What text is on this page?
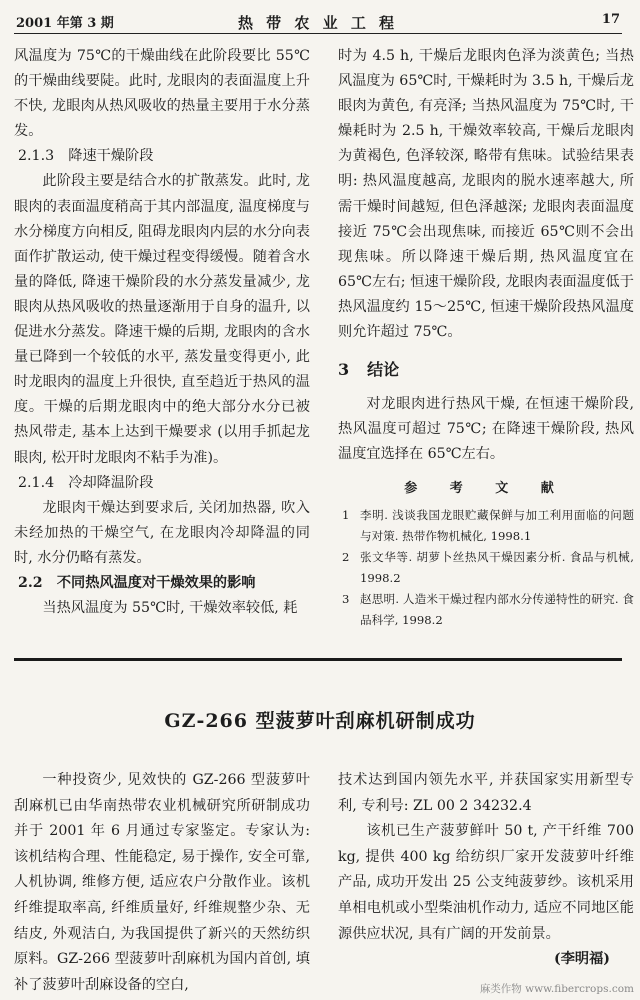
2001 年第 3 期	热 带 农 业 工 程	17

风温度为 75℃的干燥曲线在此阶段要比 55℃的干燥曲线要陡。此时, 龙眼肉的表面温度上升不快, 龙眼肉从热风吸收的热量主要用于水分蒸发。

2.1.3　降速干燥阶段

此阶段主要是结合水的扩散蒸发。此时, 龙眼肉的表面温度稍高于其内部温度, 温度梯度与水分梯度方向相反, 阻碍龙眼肉内层的水分向表面作扩散运动, 使干燥过程变得缓慢。随着含水量的降低, 降速干燥阶段的水分蒸发量减少, 龙眼肉从热风吸收的热量逐渐用于自身的温升, 以促进水分蒸发。降速干燥的后期, 龙眼肉的含水量已降到一个较低的水平, 蒸发量变得更小, 此时龙眼肉的温度上升很快, 直至趋近于热风的温度。干燥的后期龙眼肉中的绝大部分水分已被热风带走, 基本上达到干燥要求 (以用手抓起龙眼肉, 松开时龙眼肉不粘手为准)。

2.1.4　冷却降温阶段

龙眼肉干燥达到要求后, 关闭加热器, 吹入未经加热的干燥空气, 在龙眼肉冷却降温的同时, 水分仍略有蒸发。

2.2　不同热风温度对干燥效果的影响

当热风温度为 55℃时, 干燥效率较低, 耗

时为 4.5 h, 干燥后龙眼肉色泽为淡黄色; 当热风温度为 65℃时, 干燥耗时为 3.5 h, 干燥后龙眼肉为黄色, 有亮泽; 当热风温度为 75℃时, 干燥耗时为 2.5 h, 干燥效率较高, 干燥后龙眼肉为黄褐色, 色泽较深, 略带有焦味。试验结果表明: 热风温度越高, 龙眼肉的脱水速率越大, 所需干燥时间越短, 但色泽越深; 龙眼肉表面温度接近 75℃会出现焦味, 而接近 65℃则不会出现焦味。所以降速干燥后期, 热风温度宜在 65℃左右; 恒速干燥阶段, 龙眼肉表面温度低于热风温度约 15～25℃, 恒速干燥阶段热风温度则允许超过 75℃。

3 结论

对龙眼肉进行热风干燥, 在恒速干燥阶段, 热风温度可超过 75℃; 在降速干燥阶段, 热风温度宜选择在 65℃左右。

参 考 文 献

1 李明. 浅谈我国龙眼贮藏保鲜与加工利用面临的问题与对策. 热带作物机械化, 1998.1

2 张文华等. 胡萝卜丝热风干燥因素分析. 食品与机械, 1998.2

3 赵思明. 人造米干燥过程内部水分传递特性的研究. 食品科学, 1998.2

GZ-266 型菠萝叶刮麻机研制成功

一种投资少, 见效快的 GZ-266 型菠萝叶刮麻机已由华南热带农业机械研究所研制成功并于 2001 年 6 月通过专家鉴定。专家认为: 该机结构合理、性能稳定, 易于操作, 安全可靠, 人机协调, 维修方便, 适应农户分散作业。该机纤维提取率高, 纤维质量好, 纤维规整少杂、无结皮, 外观洁白, 为我国提供了新兴的天然纺织原料。GZ-266 型菠萝叶刮麻机为国内首创, 填补了菠萝叶刮麻设备的空白,

技术达到国内领先水平, 并获国家实用新型专利, 专利号: ZL 00 2 34232.4

该机已生产菠萝鲜叶 50 t, 产干纤维 700 kg, 提供 400 kg 给纺织厂家开发菠萝叶纤维产品, 成功开发出 25 公支纯菠萝纱。该机采用单相电机或小型柴油机作动力, 适应不同地区能源供应状况, 具有广阔的开发前景。

(李明福)

麻类作物 www.fibercrops.com
